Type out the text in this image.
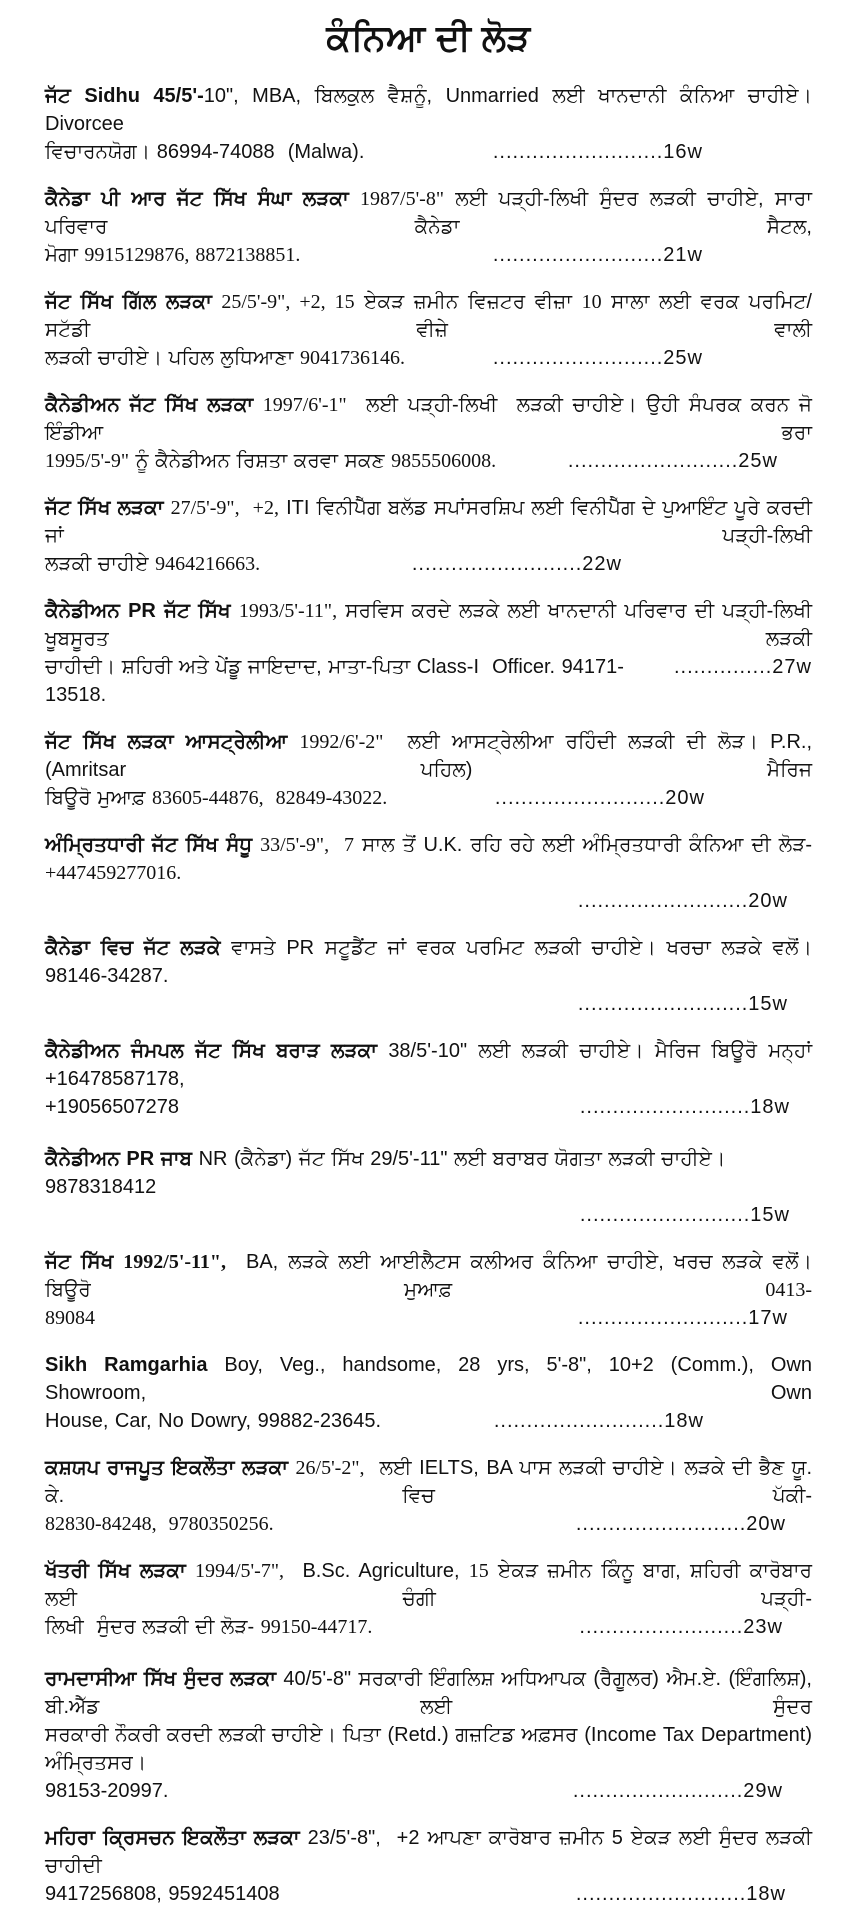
ਕੰਨਿਆ ਦੀ ਲੋੜ
ਜੱਟ Sidhu 45/5'-10", MBA, ਬਿਲਕੁਲ ਵੈਸ਼ਨੂੰ, Unmarried ਲਈ ਖਾਨਦਾਨੀ ਕੰਨਿਆ ਚਾਹੀਏ। Divorcee
ਵਿਚਾਰਨਯੋਗ। 86994-74088  (Malwa).	..........................16w
ਕੈਨੇਡਾ ਪੀ ਆਰ ਜੱਟ ਸਿੱਖ ਸੰਘਾ ਲੜਕਾ 1987/5'-8" ਲਈ ਪੜ੍ਹੀ-ਲਿਖੀ ਸੁੰਦਰ ਲੜਕੀ ਚਾਹੀਏ, ਸਾਰਾ ਪਰਿਵਾਰ ਕੈਨੇਡਾ ਸੈਟਲ,
ਮੋਗਾ 9915129876, 8872138851.	..........................21w
ਜੱਟ ਸਿੱਖ ਗਿੱਲ ਲੜਕਾ 25/5'-9", +2, 15 ਏਕੜ ਜ਼ਮੀਨ ਵਿਜ਼ਟਰ ਵੀਜ਼ਾ 10 ਸਾਲਾ ਲਈ ਵਰਕ ਪਰਮਿਟ/ਸਟੱਡੀ ਵੀਜ਼ੇ ਵਾਲੀ
ਲੜਕੀ ਚਾਹੀਏ। ਪਹਿਲ ਲੁਧਿਆਣਾ 9041736146.	..........................25w
ਕੈਨੇਡੀਅਨ ਜੱਟ ਸਿੱਖ ਲੜਕਾ 1997/6'-1"  ਲਈ ਪੜ੍ਹੀ-ਲਿਖੀ  ਲੜਕੀ ਚਾਹੀਏ। ਉਹੀ ਸੰਪਰਕ ਕਰਨ ਜੋ ਇੰਡੀਆ ਭਰਾ
1995/5'-9" ਨੂੰ ਕੈਨੇਡੀਅਨ ਰਿਸ਼ਤਾ ਕਰਵਾ ਸਕਣ 9855506008.	..........................25w
ਜੱਟ ਸਿੱਖ ਲੜਕਾ 27/5'-9",  +2, ITI ਵਿਨੀਪੈੱਗ ਬਲੱਡ ਸਪਾਂਸਰਸ਼ਿਪ ਲਈ ਵਿਨੀਪੈੱਗ ਦੇ ਪੁਆਇੰਟ ਪੂਰੇ ਕਰਦੀ ਜਾਂ ਪੜ੍ਹੀ-ਲਿਖੀ
ਲੜਕੀ ਚਾਹੀਏ 9464216663.	..........................22w
ਕੈਨੇਡੀਅਨ PR ਜੱਟ ਸਿੱਖ 1993/5'-11", ਸਰਵਿਸ ਕਰਦੇ ਲੜਕੇ ਲਈ ਖਾਨਦਾਨੀ ਪਰਿਵਾਰ ਦੀ ਪੜ੍ਹੀ-ਲਿਖੀ  ਖੂਬਸੂਰਤ ਲੜਕੀ
ਚਾਹੀਦੀ। ਸ਼ਹਿਰੀ ਅਤੇ ਪੇਂਡੂ ਜਾਇਦਾਦ, ਮਾਤਾ-ਪਿਤਾ Class-I  Officer. 94171-13518.
...............27w
ਜੱਟ ਸਿੱਖ ਲੜਕਾ ਆਸਟ੍ਰੇਲੀਆ 1992/6'-2"  ਲਈ ਆਸਟ੍ਰੇਲੀਆ ਰਹਿੰਦੀ ਲੜਕੀ ਦੀ ਲੋੜ। P.R., (Amritsar ਪਹਿਲ) ਮੈਰਿਜ
ਬਿਊਰੋ ਮੁਆਫ਼ 83605-44876,  82849-43022.	..........................20w
ਅੰਮ੍ਰਿਤਧਾਰੀ ਜੱਟ ਸਿੱਖ ਸੰਧੂ 33/5'-9",  7 ਸਾਲ ਤੋਂ U.K. ਰਹਿ ਰਹੇ ਲਈ ਅੰਮ੍ਰਿਤਧਾਰੀ ਕੰਨਿਆ ਦੀ ਲੋੜ- +447459277016.
..........................20w
ਕੈਨੇਡਾ ਵਿਚ ਜੱਟ ਲੜਕੇ ਵਾਸਤੇ PR ਸਟੂਡੈਂਟ ਜਾਂ ਵਰਕ ਪਰਮਿਟ ਲੜਕੀ ਚਾਹੀਏ। ਖਰਚਾ ਲੜਕੇ ਵਲੋਂ। 98146-34287.
..........................15w
ਕੈਨੇਡੀਅਨ ਜੰਮਪਲ ਜੱਟ ਸਿੱਖ ਬਰਾੜ ਲੜਕਾ 38/5'-10" ਲਈ ਲੜਕੀ ਚਾਹੀਏ। ਮੈਰਿਜ ਬਿਊਰੋ ਮਨ੍ਹਾਂ +16478587178,
+19056507278	..........................18w
ਕੈਨੇਡੀਅਨ PR ਜਾਬ NR (ਕੈਨੇਡਾ) ਜੱਟ ਸਿੱਖ 29/5'-11" ਲਈ ਬਰਾਬਰ ਯੋਗਤਾ ਲੜਕੀ ਚਾਹੀਏ। 9878318412
..........................15w
ਜੱਟ ਸਿੱਖ 1992/5'-11",  BA, ਲੜਕੇ ਲਈ ਆਈਲੈਟਸ ਕਲੀਅਰ ਕੰਨਿਆ ਚਾਹੀਏ, ਖਰਚ ਲੜਕੇ ਵਲੋਂ। ਬਿਊਰੋ ਮੁਆਫ਼ 0413-
89084	..........................17w
Sikh Ramgarhia Boy, Veg., handsome, 28 yrs, 5'-8", 10+2 (Comm.), Own Showroom, Own
House, Car, No Dowry, 99882-23645.	..........................18w
ਕਸ਼ਯਪ ਰਾਜਪੂਤ ਇਕਲੌਤਾ ਲੜਕਾ 26/5'-2",  ਲਈ IELTS, BA ਪਾਸ ਲੜਕੀ ਚਾਹੀਏ। ਲੜਕੇ ਦੀ ਭੈਣ ਯੂ. ਕੇ. ਵਿਚ ਪੱਕੀ-
82830-84248,  9780350256.	..........................20w
ਖੱਤਰੀ ਸਿੱਖ ਲੜਕਾ 1994/5'-7",  B.Sc. Agriculture, 15 ਏਕੜ ਜ਼ਮੀਨ ਕਿੰਨੂ ਬਾਗ, ਸ਼ਹਿਰੀ ਕਾਰੋਬਾਰ ਲਈ ਚੰਗੀ ਪੜ੍ਹੀ-
ਲਿਖੀ  ਸੁੰਦਰ ਲੜਕੀ ਦੀ ਲੋੜ- 99150-44717.	.........................23w
ਰਾਮਦਾਸੀਆ ਸਿੱਖ ਸੁੰਦਰ ਲੜਕਾ 40/5'-8" ਸਰਕਾਰੀ ਇੰਗਲਿਸ਼ ਅਧਿਆਪਕ (ਰੈਗੂਲਰ) ਐਮ.ਏ. (ਇੰਗਲਿਸ਼), ਬੀ.ਐੱਡ ਲਈ ਸੁੰਦਰ
ਸਰਕਾਰੀ ਨੌਕਰੀ ਕਰਦੀ ਲੜਕੀ ਚਾਹੀਏ। ਪਿਤਾ (Retd.) ਗਜ਼ਟਿਡ ਅਫ਼ਸਰ (Income Tax Department) ਅੰਮ੍ਰਿਤਸਰ।
98153-20997.	..........................29w
ਮਹਿਰਾ ਕ੍ਰਿਸਚਨ ਇਕਲੌਤਾ ਲੜਕਾ 23/5'-8",  +2 ਆਪਣਾ ਕਾਰੋਬਾਰ ਜ਼ਮੀਨ 5 ਏਕੜ ਲਈ ਸੁੰਦਰ ਲੜਕੀ ਚਾਹੀਦੀ
9417256808, 9592451408	..........................18w
